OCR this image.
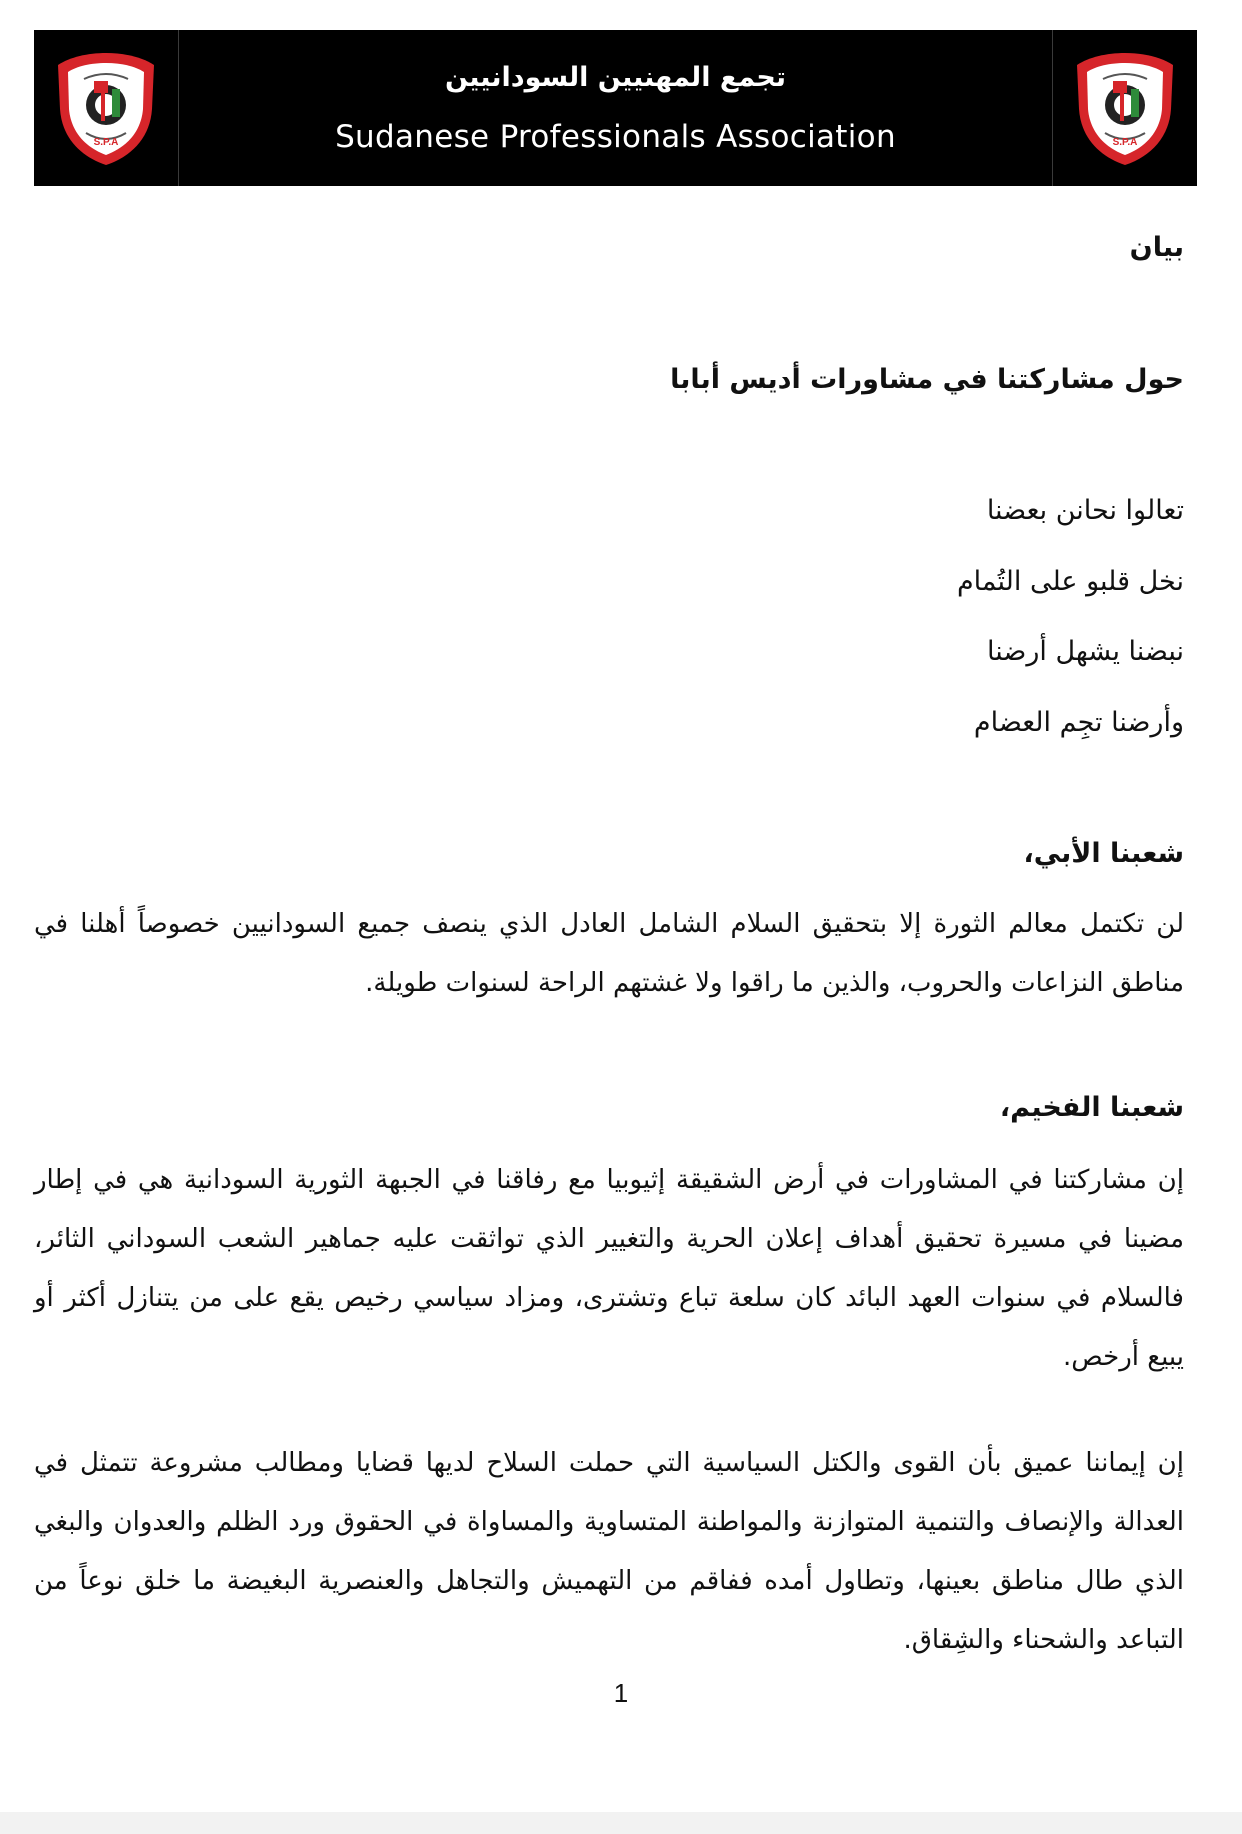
S.P.A
تجمع المهنيين السودانيين
Sudanese Professionals Association	S.P.A
بيان
حول مشاركتنا في مشاورات أديس أبابا
تعالوا نحانن بعضنا
نخل قلبو على التُمام
نبضنا يشهل أرضنا
وأرضنا تجِم العضام
شعبنا الأبي،
لن تكتمل معالم الثورة إلا بتحقيق السلام الشامل العادل الذي ينصف جميع السودانيين خصوصاً أهلنا في مناطق النزاعات والحروب، والذين ما راقوا ولا غشتهم الراحة لسنوات طويلة.
شعبنا الفخيم،
إن مشاركتنا في المشاورات في أرض الشقيقة إثيوبيا مع رفاقنا في الجبهة الثورية السودانية هي في إطار مضينا في مسيرة تحقيق أهداف إعلان الحرية والتغيير الذي تواثقت عليه جماهير الشعب السوداني الثائر، فالسلام في سنوات العهد البائد كان سلعة تباع وتشترى، ومزاد سياسي رخيص يقع على من يتنازل أكثر أو يبيع أرخص.
إن إيماننا عميق بأن القوى والكتل السياسية التي حملت السلاح لديها قضايا ومطالب مشروعة تتمثل في العدالة والإنصاف والتنمية المتوازنة والمواطنة المتساوية والمساواة في الحقوق ورد الظلم والعدوان والبغي الذي طال مناطق بعينها، وتطاول أمده ففاقم من التهميش والتجاهل والعنصرية البغيضة ما خلق نوعاً من التباعد والشحناء والشِقاق.
1
